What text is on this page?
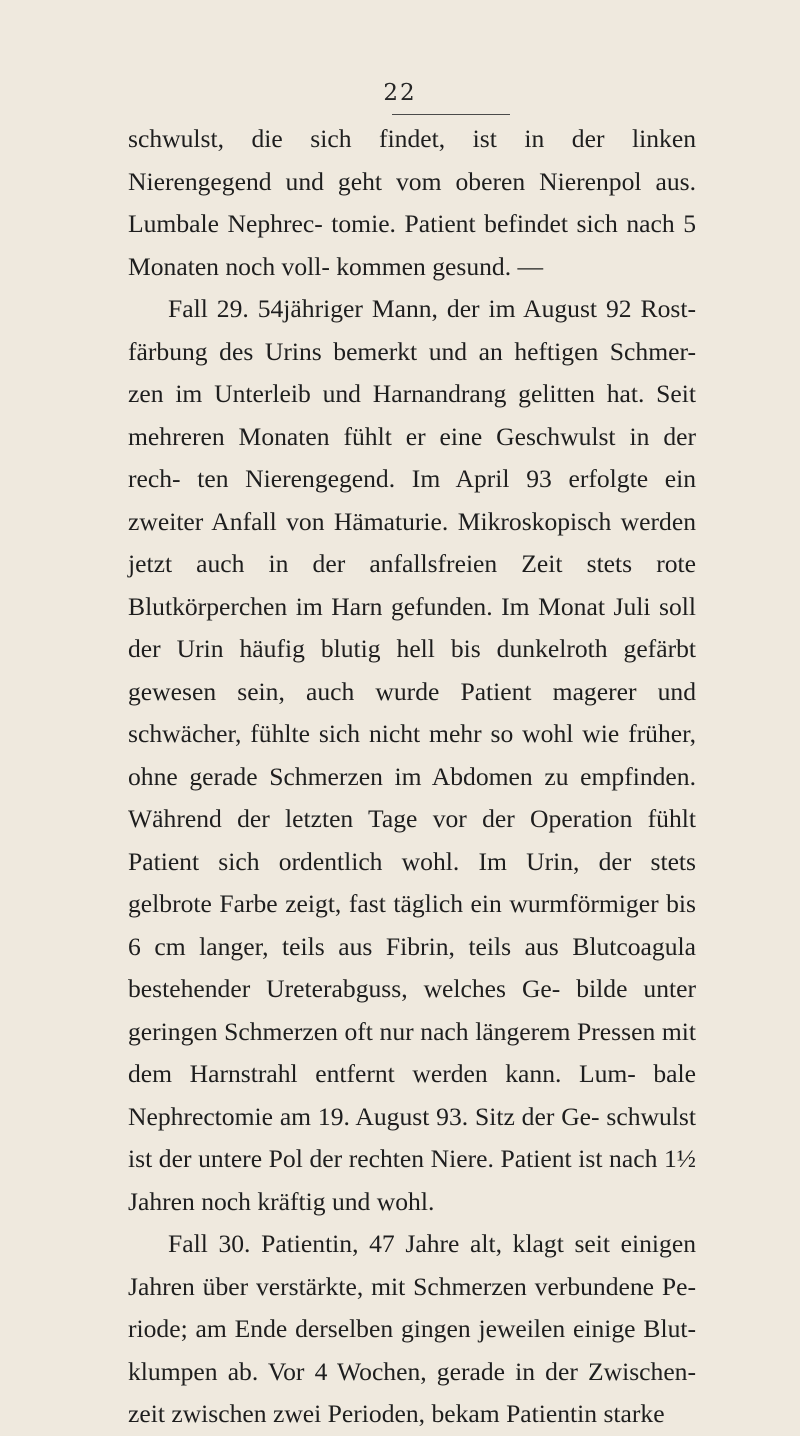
22

schwulst, die sich findet, ist in der linken Nierengegend und geht vom oberen Nierenpol aus. Lumbale Nephrec- tomie. Patient befindet sich nach 5 Monaten noch voll- kommen gesund. —

Fall 29. 54jähriger Mann, der im August 92 Rost- färbung des Urins bemerkt und an heftigen Schmer- zen im Unterleib und Harnandrang gelitten hat. Seit mehreren Monaten fühlt er eine Geschwulst in der rech- ten Nierengegend. Im April 93 erfolgte ein zweiter Anfall von Hämaturie. Mikroskopisch werden jetzt auch in der anfallsfreien Zeit stets rote Blutkörperchen im Harn gefunden. Im Monat Juli soll der Urin häufig blutig hell bis dunkelroth gefärbt gewesen sein, auch wurde Patient magerer und schwächer, fühlte sich nicht mehr so wohl wie früher, ohne gerade Schmerzen im Abdomen zu empfinden. Während der letzten Tage vor der Operation fühlt Patient sich ordentlich wohl. Im Urin, der stets gelbrote Farbe zeigt, fast täglich ein wurmförmiger bis 6 cm langer, teils aus Fibrin, teils aus Blutcoagula bestehender Ureterabguss, welches Ge- bilde unter geringen Schmerzen oft nur nach längerem Pressen mit dem Harnstrahl entfernt werden kann. Lum- bale Nephrectomie am 19. August 93. Sitz der Ge- schwulst ist der untere Pol der rechten Niere. Patient ist nach 1½ Jahren noch kräftig und wohl.

Fall 30. Patientin, 47 Jahre alt, klagt seit einigen Jahren über verstärkte, mit Schmerzen verbundene Pe- riode; am Ende derselben gingen jeweilen einige Blut- klumpen ab. Vor 4 Wochen, gerade in der Zwischen- zeit zwischen zwei Perioden, bekam Patientin starke
